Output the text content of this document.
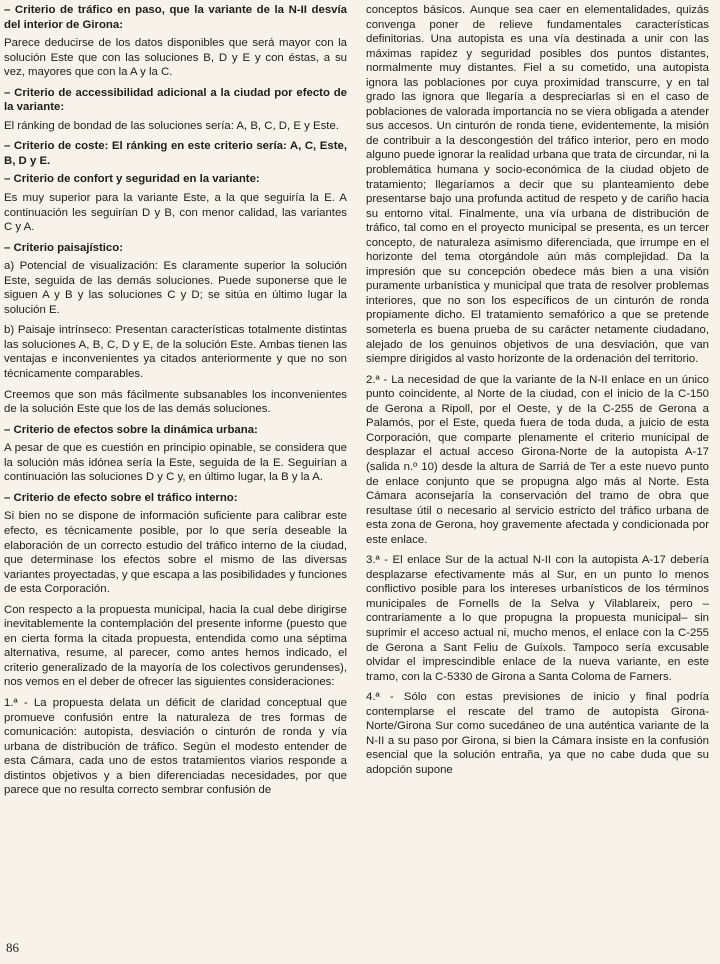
– Criterio de tráfico en paso, que la variante de la N-II desvía del interior de Girona:

Parece deducirse de los datos disponibles que será mayor con la solución Este que con las soluciones B, D y E y con éstas, a su vez, mayores que con la A y la C.

– Criterio de accessibilidad adicional a la ciudad por efecto de la variante:

El ránking de bondad de las soluciones sería: A, B, C, D, E y Este.

– Criterio de coste: El ránking en este criterio sería: A, C, Este, B, D y E.
– Criterio de confort y seguridad en la variante:

Es muy superior para la variante Este, a la que seguiría la E. A continuación les seguirían D y B, con menor calidad, las variantes C y A.

– Criterio paisajístico:

a) Potencial de visualización: Es claramente superior la solución Este, seguida de las demás soluciones. Puede suponerse que le siguen A y B y las soluciones C y D; se sitúa en último lugar la solución E.

b) Paisaje intrínseco: Presentan características totalmente distintas las soluciones A, B, C, D y E, de la solución Este. Ambas tienen las ventajas e inconvenientes ya citados anteriormente y que no son técnicamente comparables.

Creemos que son más fácilmente subsanables los inconvenientes de la solución Este que los de las demás soluciones.

– Criterio de efectos sobre la dinámica urbana:

A pesar de que es cuestión en principio opinable, se considera que la solución más idónea sería la Este, seguida de la E. Seguirían a continuación las soluciones D y C y, en último lugar, la B y la A.

– Criterio de efecto sobre el tráfico interno:

Si bien no se dispone de información suficiente para calibrar este efecto, es técnicamente posible, por lo que sería deseable la elaboración de un correcto estudio del tráfico interno de la ciudad, que determinase los efectos sobre el mismo de las diversas variantes proyectadas, y que escapa a las posibilidades y funciones de esta Corporación.

Con respecto a la propuesta municipal, hacia la cual debe dirigirse inevitablemente la contemplación del presente informe (puesto que en cierta forma la citada propuesta, entendida como una séptima alternativa, resume, al parecer, como antes hemos indicado, el criterio generalizado de la mayoría de los colectivos gerundenses), nos vemos en el deber de ofrecer las siguientes consideraciones:

1.ª - La propuesta delata un déficit de claridad conceptual que promueve confusión entre la naturaleza de tres formas de comunicación: autopista, desviación o cinturón de ronda y vía urbana de distribución de tráfico. Según el modesto entender de esta Cámara, cada uno de estos tratamientos viarios responde a distintos objetivos y a bien diferenciadas necesidades, por que parece que no resulta correcto sembrar confusión de

conceptos básicos. Aunque sea caer en elementalidades, quizás convenga poner de relieve fundamentales características definitorias. Una autopista es una vía destinada a unir con las máximas rapidez y seguridad posibles dos puntos distantes, normalmente muy distantes. Fiel a su cometido, una autopista ignora las poblaciones por cuya proximidad transcurre, y en tal grado las ignora que llegaría a despreciarlas si en el caso de poblaciones de valorada importancia no se viera obligada a atender sus accesos. Un cinturón de ronda tiene, evidentemente, la misión de contribuir a la descongestión del tráfico interior, pero en modo alguno puede ignorar la realidad urbana que trata de circundar, ni la problemática humana y socio-económica de la ciudad objeto de tratamiento; llegaríamos a decir que su planteamiento debe presentarse bajo una profunda actitud de respeto y de cariño hacia su entorno vital. Finalmente, una vía urbana de distribución de tráfico, tal como en el proyecto municipal se presenta, es un tercer concepto, de naturaleza asimismo diferenciada, que irrumpe en el horizonte del tema otorgándole aún más complejidad. Da la impresión que su concepción obedece más bien a una visión puramente urbanística y municipal que trata de resolver problemas interiores, que no son los específicos de un cinturón de ronda propiamente dicho. El tratamiento semafórico a que se pretende someterla es buena prueba de su carácter netamente ciudadano, alejado de los genuinos objetivos de una desviación, que van siempre dirigidos al vasto horizonte de la ordenación del territorio.

2.ª - La necesidad de que la variante de la N-II enlace en un único punto coincidente, al Norte de la ciudad, con el inicio de la C-150 de Gerona a Ripoll, por el Oeste, y de la C-255 de Gerona a Palamós, por el Este, queda fuera de toda duda, a juicio de esta Corporación, que comparte plenamente el criterio municipal de desplazar el actual acceso Girona-Norte de la autopista A-17 (salida n.º 10) desde la altura de Sarriá de Ter a este nuevo punto de enlace conjunto que se propugna algo más al Norte. Esta Cámara aconsejaría la conservación del tramo de obra que resultase útil o necesario al servicio estricto del tráfico urbana de esta zona de Gerona, hoy gravemente afectada y condicionada por este enlace.

3.ª - El enlace Sur de la actual N-II con la autopista A-17 debería desplazarse efectivamente más al Sur, en un punto lo menos conflictivo posible para los intereses urbanísticos de los términos municipales de Fornells de la Selva y Vilablareix, pero –contrariamente a lo que propugna la propuesta municipal– sin suprimir el acceso actual ni, mucho menos, el enlace con la C-255 de Gerona a Sant Feliu de Guíxols. Tampoco sería excusable olvidar el imprescindible enlace de la nueva variante, en este tramo, con la C-5330 de Girona a Santa Coloma de Farners.

4.ª - Sólo con estas previsiones de inicio y final podría contemplarse el rescate del tramo de autopista Girona-Norte/Girona Sur como sucedáneo de una auténtica variante de la N-II a su paso por Girona, si bien la Cámara insiste en la confusión esencial que la solución entraña, ya que no cabe duda que su adopción supone

86
